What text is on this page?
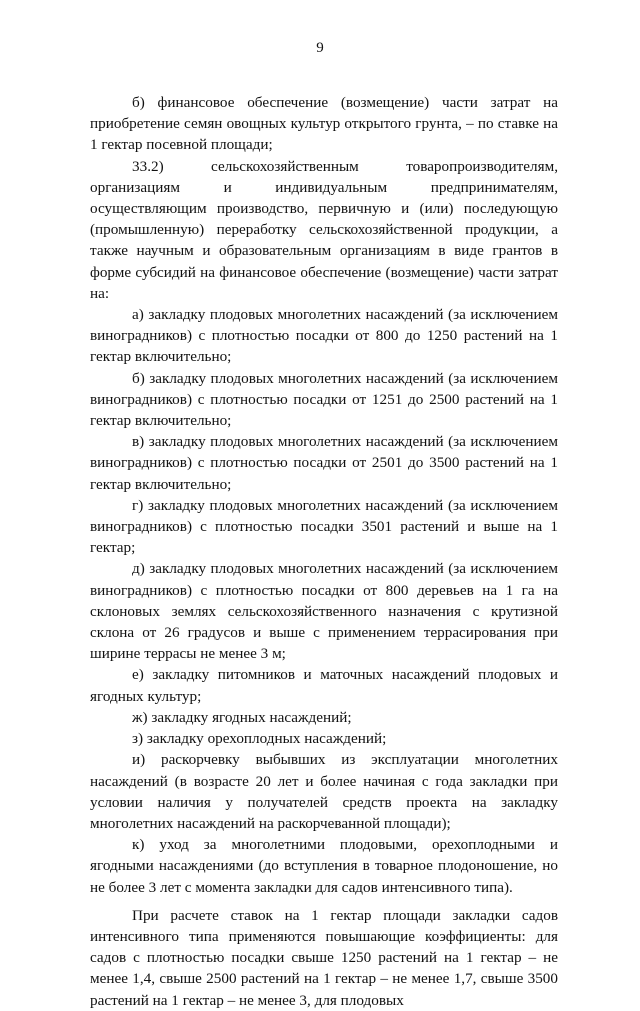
9

б) финансовое обеспечение (возмещение) части затрат на приобретение семян овощных культур открытого грунта, – по ставке на 1 гектар посевной площади;

33.2) сельскохозяйственным товаропроизводителям, организациям и индивидуальным предпринимателям, осуществляющим производство, первичную и (или) последующую (промышленную) переработку сельскохозяйственной продукции, а также научным и образовательным организациям в виде грантов в форме субсидий на финансовое обеспечение (возмещение) части затрат на:

а) закладку плодовых многолетних насаждений (за исключением виноградников) с плотностью посадки от 800 до 1250 растений на 1 гектар включительно;

б) закладку плодовых многолетних насаждений (за исключением виноградников) с плотностью посадки от 1251 до 2500 растений на 1 гектар включительно;

в) закладку плодовых многолетних насаждений (за исключением виноградников) с плотностью посадки от 2501 до 3500 растений на 1 гектар включительно;

г) закладку плодовых многолетних насаждений (за исключением виноградников) с плотностью посадки 3501 растений и выше на 1 гектар;

д) закладку плодовых многолетних насаждений (за исключением виноградников) с плотностью посадки от 800 деревьев на 1 га на склоновых землях сельскохозяйственного назначения с крутизной склона от 26 градусов и выше с применением террасирования при ширине террасы не менее 3 м;

е) закладку питомников и маточных насаждений плодовых и ягодных культур;

ж) закладку ягодных насаждений;

з) закладку орехоплодных насаждений;

и) раскорчевку выбывших из эксплуатации многолетних насаждений (в возрасте 20 лет и более начиная с года закладки при условии наличия у получателей средств проекта на закладку многолетних насаждений на раскорчеванной площади);

к) уход за многолетними плодовыми, орехоплодными и ягодными насаждениями (до вступления в товарное плодоношение, но не более 3 лет с момента закладки для садов интенсивного типа).

При расчете ставок на 1 гектар площади закладки садов интенсивного типа применяются повышающие коэффициенты: для садов с плотностью посадки свыше 1250 растений на 1 гектар – не менее 1,4, свыше 2500 растений на 1 гектар – не менее 1,7, свыше 3500 растений на 1 гектар – не менее 3, для плодовых
